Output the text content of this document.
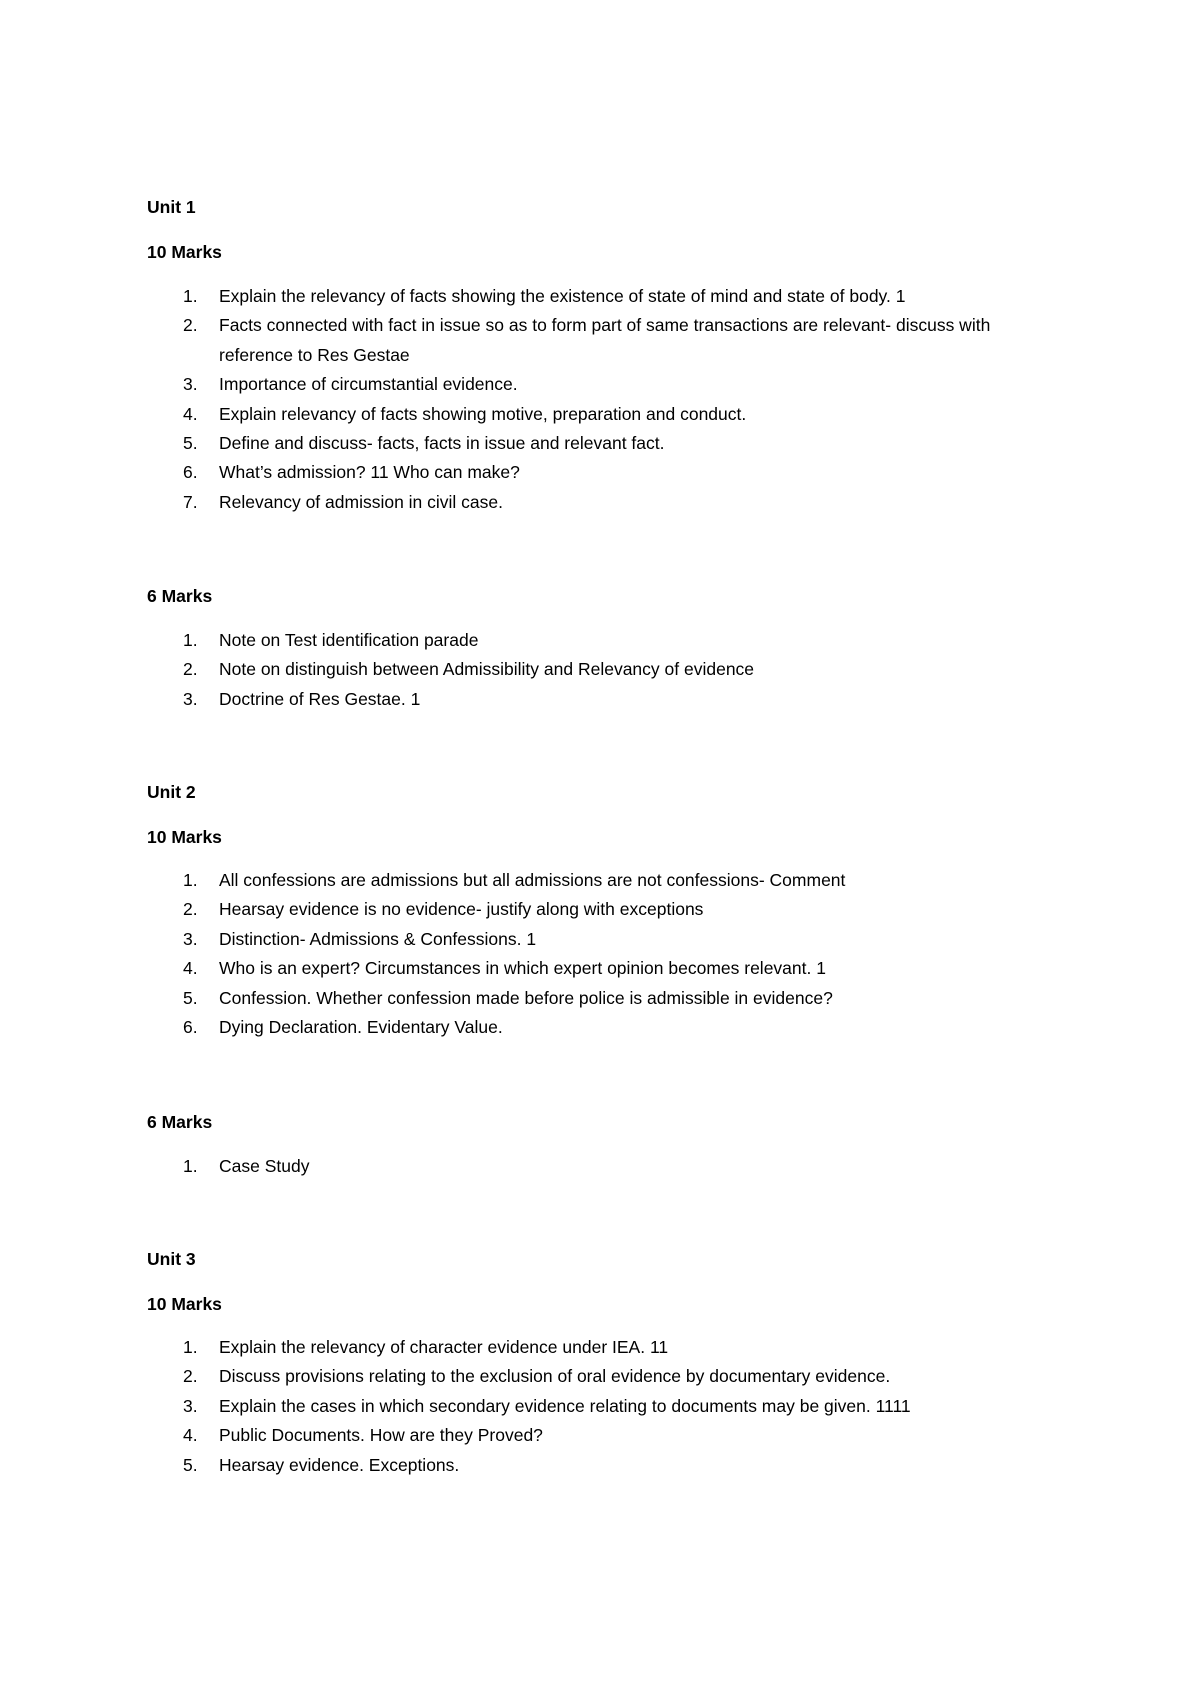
Unit 1
10 Marks
1. Explain the relevancy of facts showing the existence of state of mind and state of body. 1
2. Facts connected with fact in issue so as to form part of same transactions are relevant- discuss with reference to Res Gestae
3. Importance of circumstantial evidence.
4. Explain relevancy of facts showing motive, preparation and conduct.
5. Define and discuss- facts, facts in issue and relevant fact.
6. What’s admission? 11 Who can make?
7. Relevancy of admission in civil case.
6 Marks
1. Note on Test identification parade
2. Note on distinguish between Admissibility and Relevancy of evidence
3. Doctrine of Res Gestae. 1
Unit 2
10 Marks
1. All confessions are admissions but all admissions are not confessions- Comment
2. Hearsay evidence is no evidence- justify along with exceptions
3. Distinction- Admissions & Confessions. 1
4. Who is an expert? Circumstances in which expert opinion becomes relevant. 1
5. Confession. Whether confession made before police is admissible in evidence?
6. Dying Declaration. Evidentary Value.
6 Marks
1. Case Study
Unit 3
10 Marks
1. Explain the relevancy of character evidence under IEA. 11
2. Discuss provisions relating to the exclusion of oral evidence by documentary evidence.
3. Explain the cases in which secondary evidence relating to documents may be given. 1111
4. Public Documents. How are they Proved?
5. Hearsay evidence. Exceptions.
